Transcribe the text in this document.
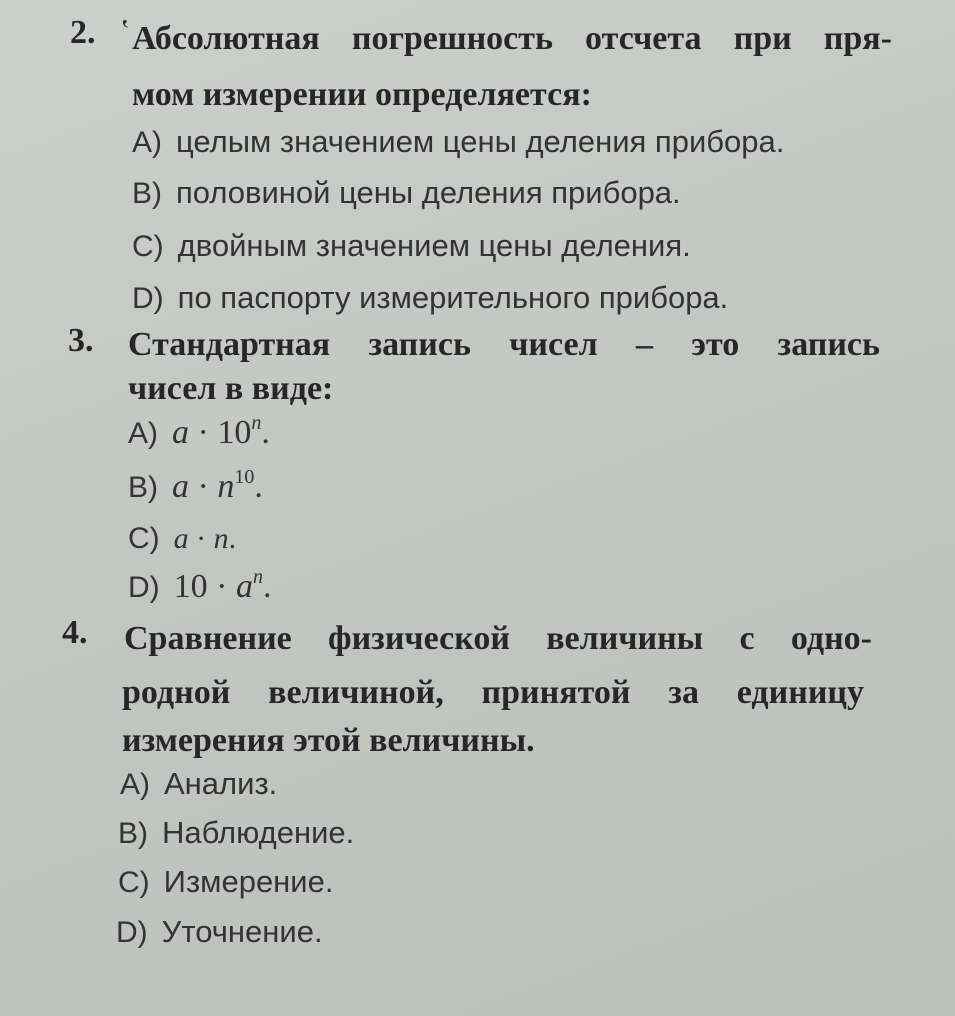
2. ʽ Абсолютная погрешность отсчета при пря-
мом измерении определяется:
A) целым значением цены деления прибора.
B) половиной цены деления прибора.
C) двойным значением цены деления.
D) по паспорту измерительного прибора.
3. Стандартная запись чисел – это запись
чисел в виде:
A) $a \cdot 10^n$.
B) $a \cdot n^{10}$.
C) a · n.
D) $10 \cdot a^n$.
4. Сравнение физической величины с одно-
родной величиной, принятой за единицу
измерения этой величины.
A) Анализ.
B) Наблюдение.
C) Измерение.
D) Уточнение.
